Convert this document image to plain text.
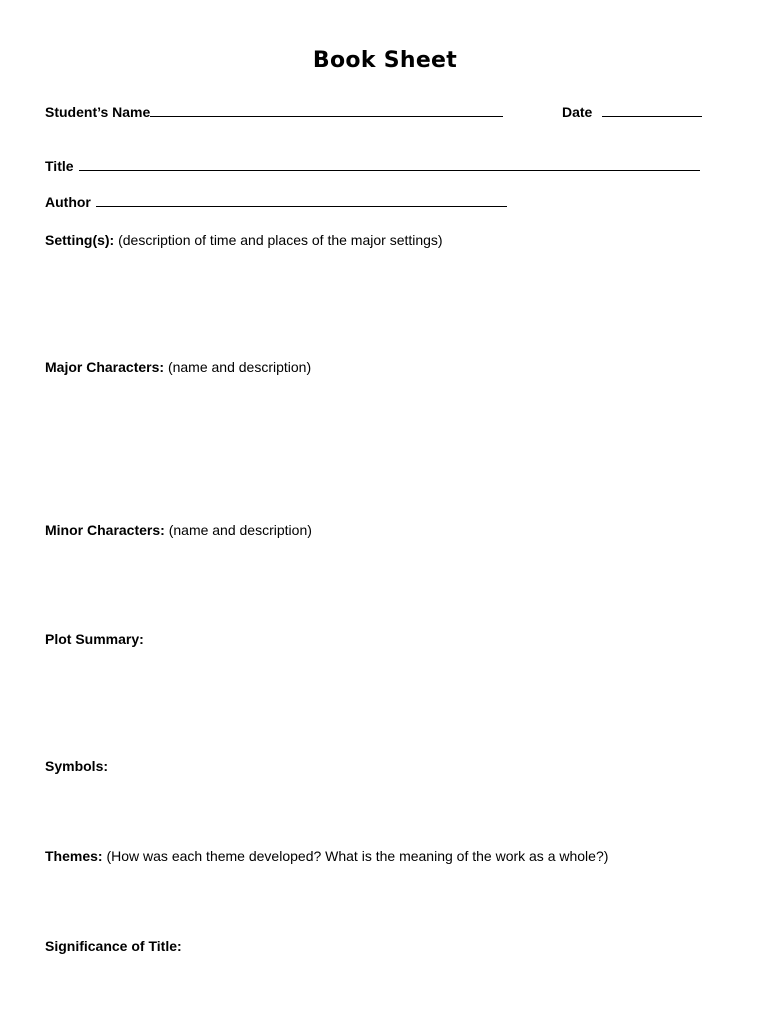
Book Sheet
Student’s Name	Date
Title
Author
Setting(s): (description of time and places of the major settings)
Major Characters: (name and description)
Minor Characters: (name and description)
Plot Summary:
Symbols:
Themes: (How was each theme developed? What is the meaning of the work as a whole?)
Significance of Title:
